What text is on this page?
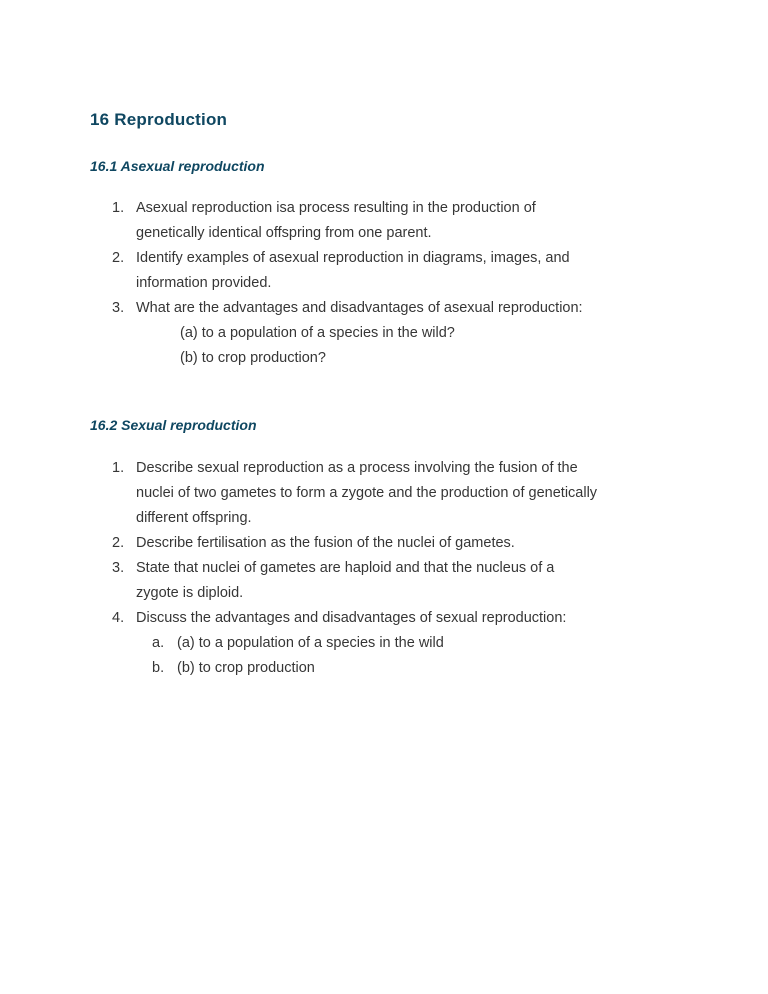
16 Reproduction
16.1 Asexual reproduction
1. Asexual reproduction isa process resulting in the production of
genetically identical offspring from one parent.
2. Identify examples of asexual reproduction in diagrams, images, and
information provided.
3. What are the advantages and disadvantages of asexual reproduction:
(a) to a population of a species in the wild?
(b) to crop production?
16.2 Sexual reproduction
1. Describe sexual reproduction as a process involving the fusion of the
nuclei of two gametes to form a zygote and the production of genetically
different offspring.
2. Describe fertilisation as the fusion of the nuclei of gametes.
3. State that nuclei of gametes are haploid and that the nucleus of a
zygote is diploid.
4. Discuss the advantages and disadvantages of sexual reproduction:
a. (a) to a population of a species in the wild
b. (b) to crop production
